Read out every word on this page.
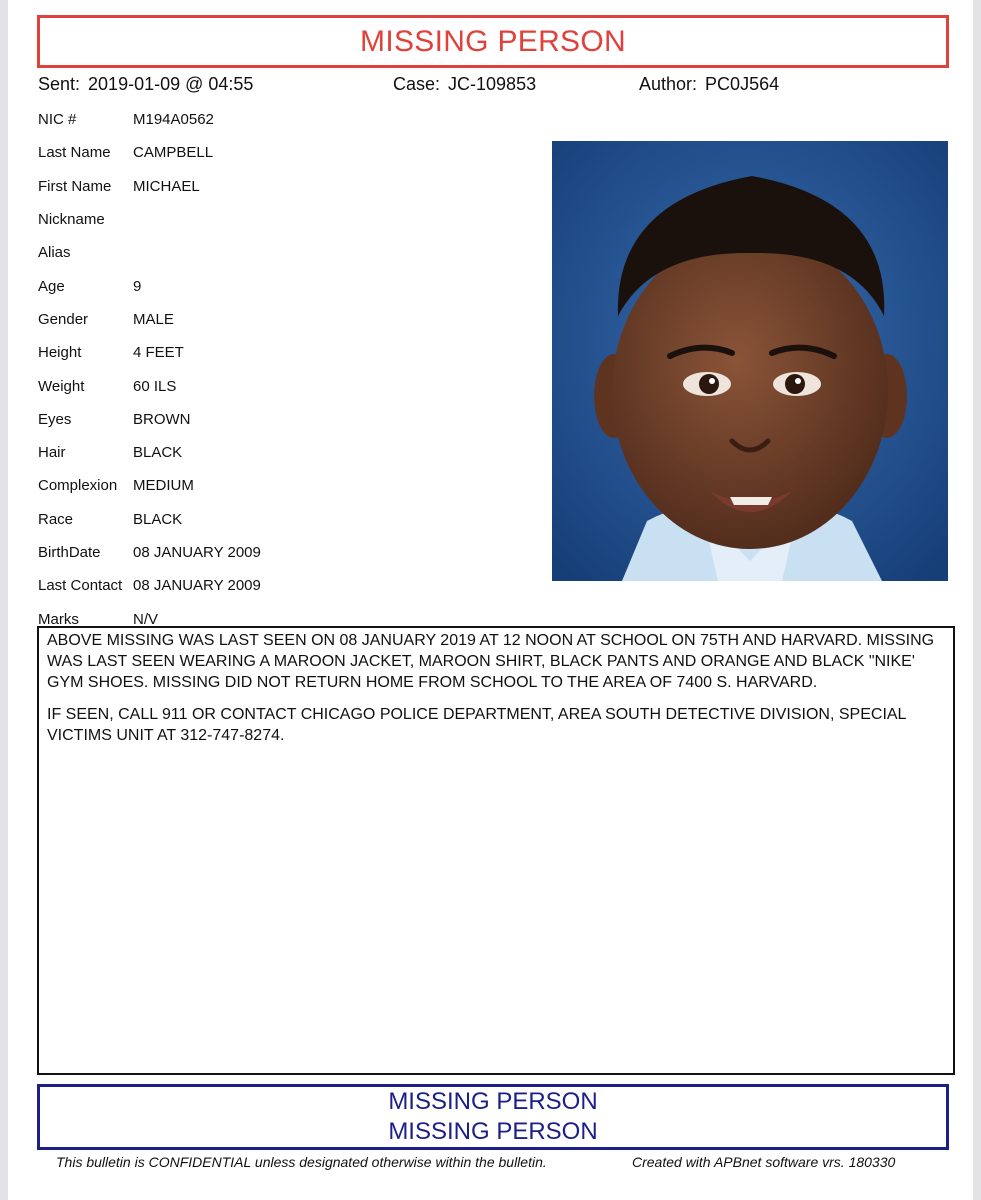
MISSING PERSON
Sent: 2019-01-09 @ 04:55	Case: JC-109853	Author: PC0J564
NIC #	M194A0562
Last Name	CAMPBELL
First Name	MICHAEL
Nickname
Alias
Age	9
Gender	MALE
Height	4 FEET
Weight	60 ILS
Eyes	BROWN
Hair	BLACK
Complexion	MEDIUM
Race	BLACK
BirthDate	08 JANUARY 2009
Last Contact 08 JANUARY 2009
Marks	N/V

ABOVE MISSING WAS LAST SEEN ON 08 JANUARY 2019 AT 12 NOON AT SCHOOL ON 75TH AND HARVARD. MISSING WAS LAST SEEN WEARING A MAROON JACKET, MAROON SHIRT, BLACK PANTS AND ORANGE AND BLACK "NIKE' GYM SHOES. MISSING DID NOT RETURN HOME FROM SCHOOL TO THE AREA OF 7400 S. HARVARD.

IF SEEN, CALL 911 OR CONTACT CHICAGO POLICE DEPARTMENT, AREA SOUTH DETECTIVE DIVISION, SPECIAL VICTIMS UNIT AT 312-747-8274.

MISSING PERSON
MISSING PERSON
This bulletin is CONFIDENTIAL unless designated otherwise within the bulletin.	Created with APBnet software vrs. 180330
